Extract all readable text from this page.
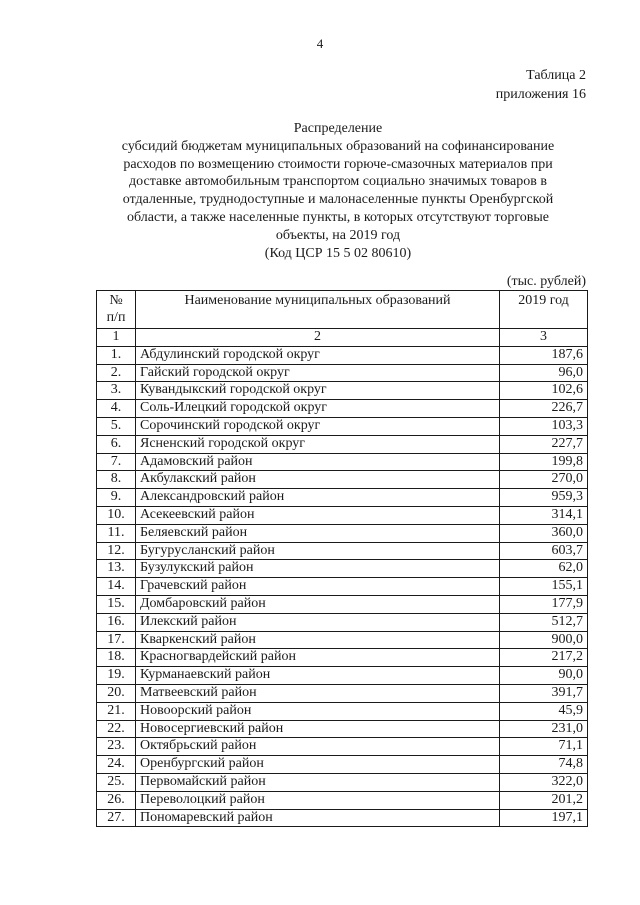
4
Таблица 2
приложения 16
Распределение
субсидий бюджетам муниципальных образований на софинансирование
расходов по возмещению стоимости горюче-смазочных материалов при
доставке автомобильным транспортом социально значимых товаров в
отдаленные, труднодоступные и малонаселенные пункты Оренбургской
области, а также населенные пункты, в которых отсутствуют торговые
объекты, на 2019 год
(Код ЦСР 15 5 02 80610)
(тыс. рублей)
№
п/п	Наименование муниципальных образований	2019 год
1	2	3
1.	Абдулинский городской округ	187,6
2.	Гайский городской округ	96,0
3.	Кувандыкский городской округ	102,6
4.	Соль-Илецкий городской округ	226,7
5.	Сорочинский городской округ	103,3
6.	Ясненский городской округ	227,7
7.	Адамовский район	199,8
8.	Акбулакский район	270,0
9.	Александровский район	959,3
10.	Асекеевский район	314,1
11.	Беляевский район	360,0
12.	Бугурусланский район	603,7
13.	Бузулукский район	62,0
14.	Грачевский район	155,1
15.	Домбаровский район	177,9
16.	Илекский район	512,7
17.	Кваркенский район	900,0
18.	Красногвардейский район	217,2
19.	Курманаевский район	90,0
20.	Матвеевский район	391,7
21.	Новоорский район	45,9
22.	Новосергиевский район	231,0
23.	Октябрьский район	71,1
24.	Оренбургский район	74,8
25.	Первомайский район	322,0
26.	Переволоцкий район	201,2
27.	Пономаревский район	197,1
